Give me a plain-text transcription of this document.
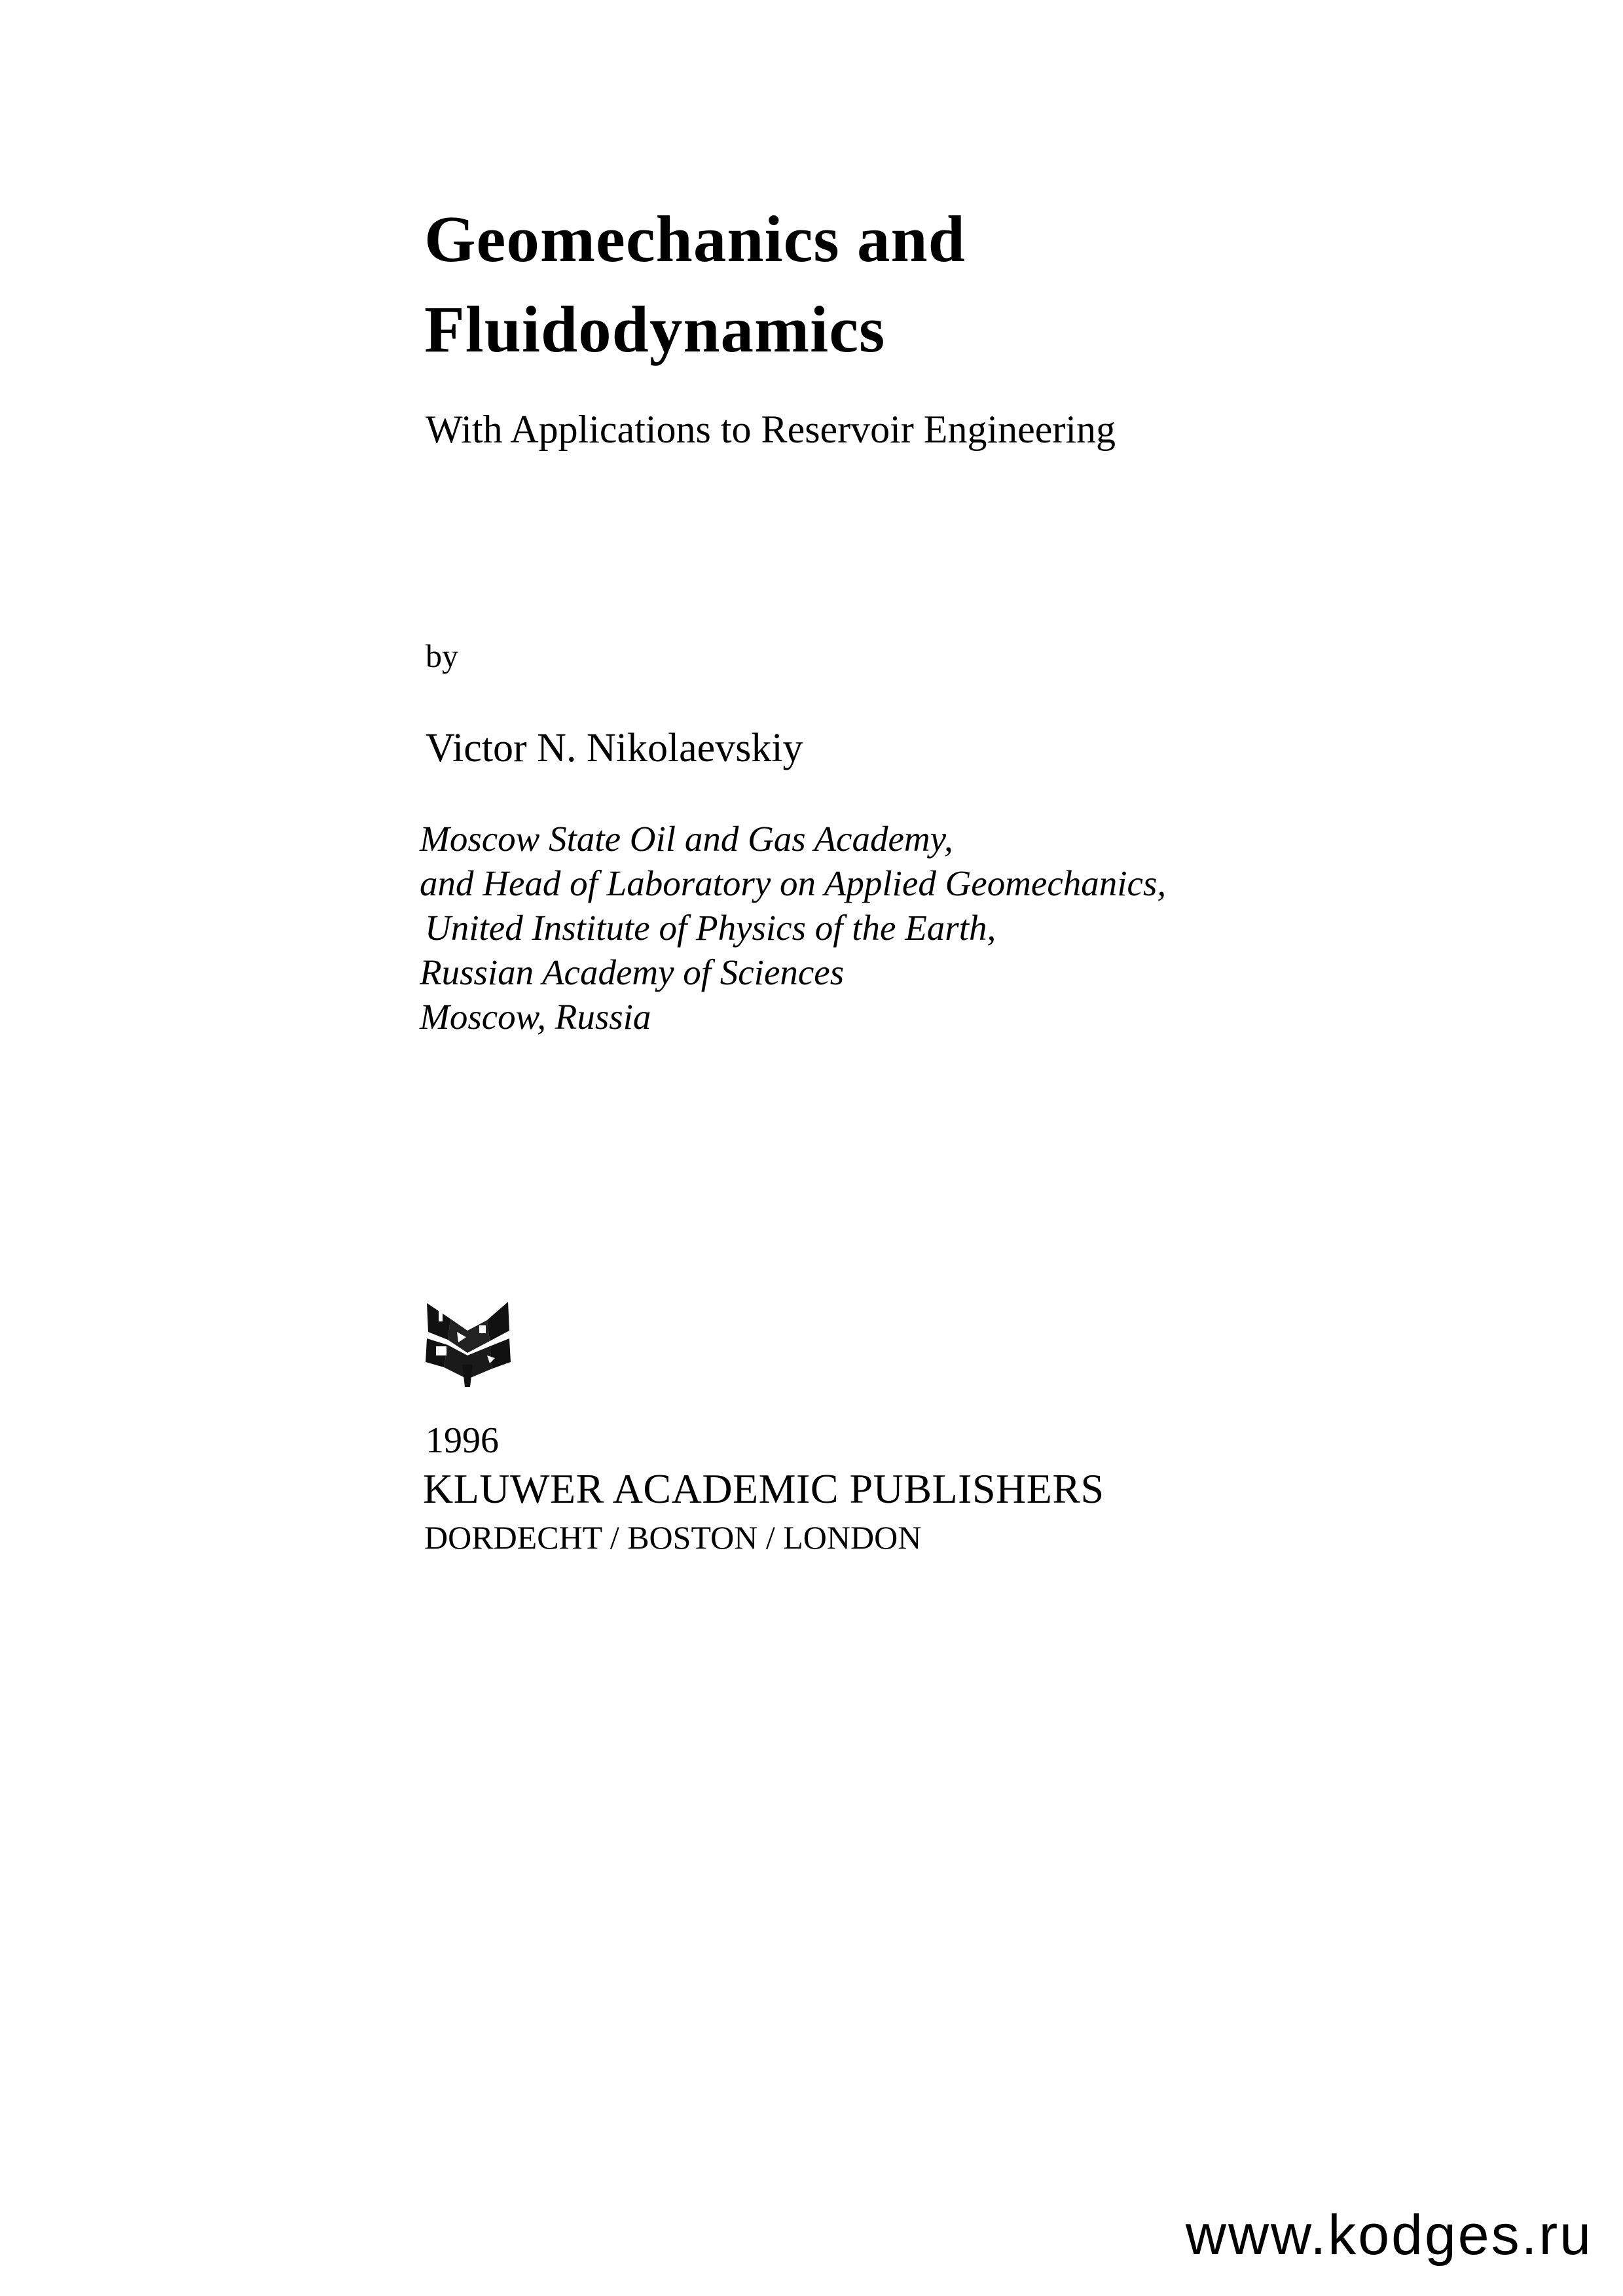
Geomechanics and
Fluidodynamics

With Applications to Reservoir Engineering

by
Victor N. Nikolaevskiy
Moscow State Oil and Gas Academy,
and Head of Laboratory on Applied Geomechanics,
United Institute of Physics of the Earth,
Russian Academy of Sciences
Moscow, Russia
1996
KLUWER ACADEMIC PUBLISHERS
DORDECHT / BOSTON / LONDON
www.kodges.ru
